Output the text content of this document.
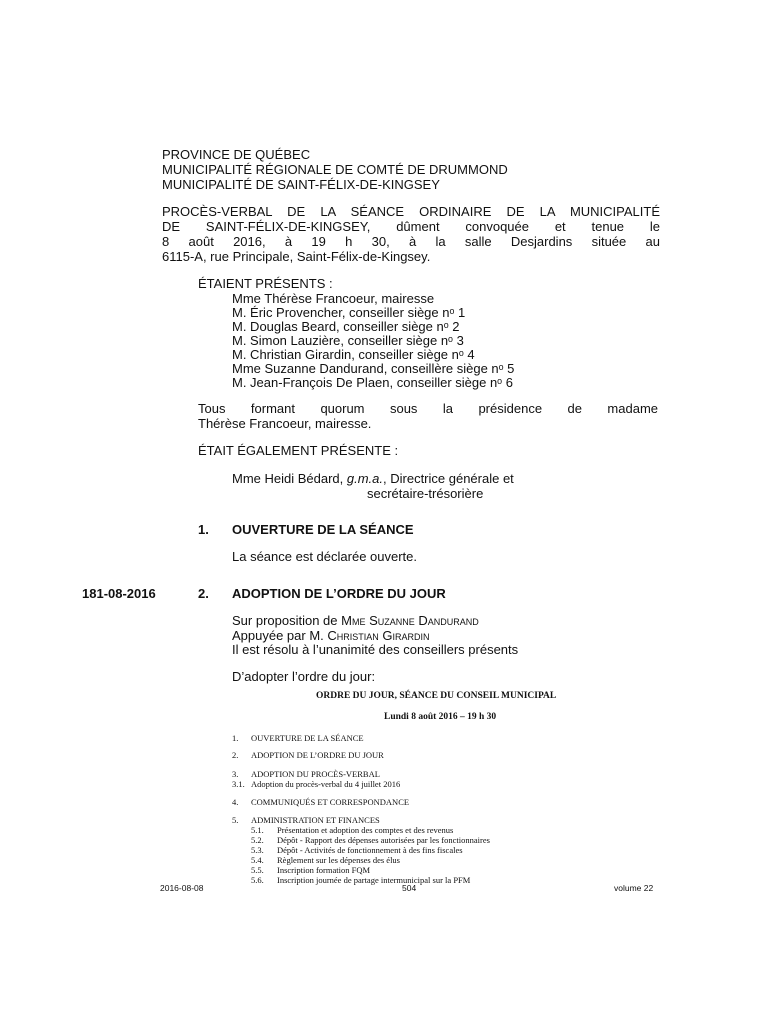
PROVINCE DE QUÉBEC
MUNICIPALITÉ RÉGIONALE DE COMTÉ DE DRUMMOND
MUNICIPALITÉ DE SAINT-FÉLIX-DE-KINGSEY
PROCÈS-VERBAL DE LA SÉANCE ORDINAIRE DE LA MUNICIPALITÉ
DE SAINT-FÉLIX-DE-KINGSEY, dûment convoquée et tenue le
8 août 2016, à 19 h 30, à la salle Desjardins située au
6115-A, rue Principale, Saint-Félix-de-Kingsey.
ÉTAIENT PRÉSENTS :
Mme Thérèse Francoeur, mairesse
M. Éric Provencher, conseiller siège nᵒ 1
M. Douglas Beard, conseiller siège nᵒ 2
M. Simon Lauzière, conseiller siège nᵒ 3
M. Christian Girardin, conseiller siège nᵒ 4
Mme Suzanne Dandurand, conseillère siège nᵒ 5
M. Jean-François De Plaen, conseiller siège nᵒ 6
Tous formant quorum sous la présidence de madame
Thérèse Francoeur, mairesse.
ÉTAIT ÉGALEMENT PRÉSENTE :
Mme Heidi Bédard, g.m.a., Directrice générale et
secrétaire-trésorière
1. OUVERTURE DE LA SÉANCE
La séance est déclarée ouverte.
181-08-2016	2. ADOPTION DE L’ORDRE DU JOUR
Sur proposition de Mme Suzanne Dandurand
Appuyée par M. Christian Girardin
Il est résolu à l’unanimité des conseillers présents
D’adopter l’ordre du jour:
ORDRE DU JOUR, SÉANCE DU CONSEIL MUNICIPAL
Lundi 8 août 2016 – 19 h 30
1. OUVERTURE DE LA SÉANCE
2. ADOPTION DE L’ORDRE DU JOUR
3. ADOPTION DU PROCÈS-VERBAL
3.1. Adoption du procès-verbal du 4 juillet 2016
4. COMMUNIQUÉS ET CORRESPONDANCE
5. ADMINISTRATION ET FINANCES
5.1. Présentation et adoption des comptes et des revenus
5.2. Dépôt - Rapport des dépenses autorisées par les fonctionnaires
5.3. Dépôt - Activités de fonctionnement à des fins fiscales
5.4. Règlement sur les dépenses des élus
5.5. Inscription formation FQM
5.6. Inscription journée de partage intermunicipal sur la PFM
2016-08-08	504	volume 22
